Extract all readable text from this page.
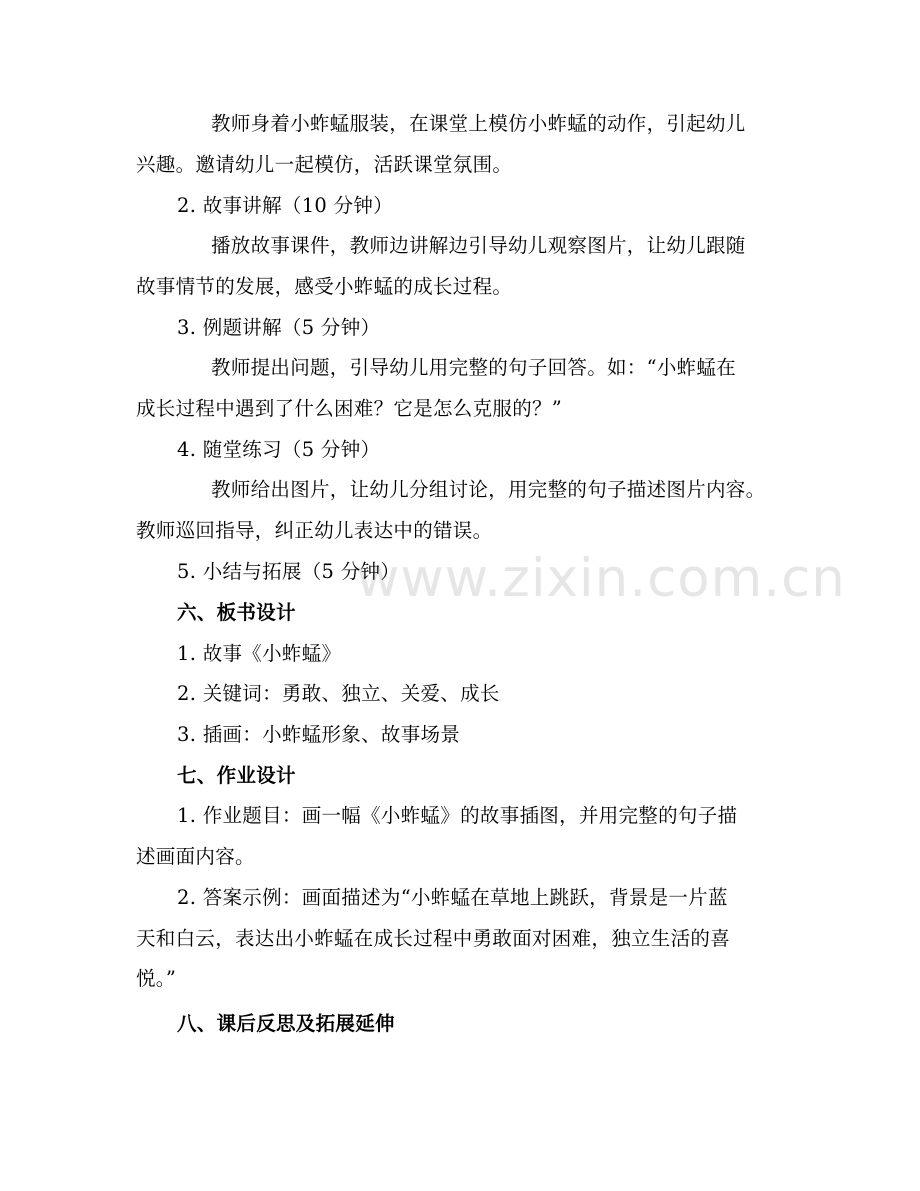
www.zixin.com.cn
教师身着小蚱蜢服装，在课堂上模仿小蚱蜢的动作，引起幼儿
兴趣。邀请幼儿一起模仿，活跃课堂氛围。
2. 故事讲解（10 分钟）
播放故事课件，教师边讲解边引导幼儿观察图片，让幼儿跟随
故事情节的发展，感受小蚱蜢的成长过程。
3. 例题讲解（5 分钟）
教师提出问题，引导幼儿用完整的句子回答。如：“小蚱蜢在
成长过程中遇到了什么困难？它是怎么克服的？”
4. 随堂练习（5 分钟）
教师给出图片，让幼儿分组讨论，用完整的句子描述图片内容。
教师巡回指导，纠正幼儿表达中的错误。
5. 小结与拓展（5 分钟）
六、板书设计
1. 故事《小蚱蜢》
2. 关键词：勇敢、独立、关爱、成长
3. 插画：小蚱蜢形象、故事场景
七、作业设计
1. 作业题目：画一幅《小蚱蜢》的故事插图，并用完整的句子描
述画面内容。
2. 答案示例：画面描述为“小蚱蜢在草地上跳跃，背景是一片蓝
天和白云，表达出小蚱蜢在成长过程中勇敢面对困难，独立生活的喜
悦。”
八、课后反思及拓展延伸
